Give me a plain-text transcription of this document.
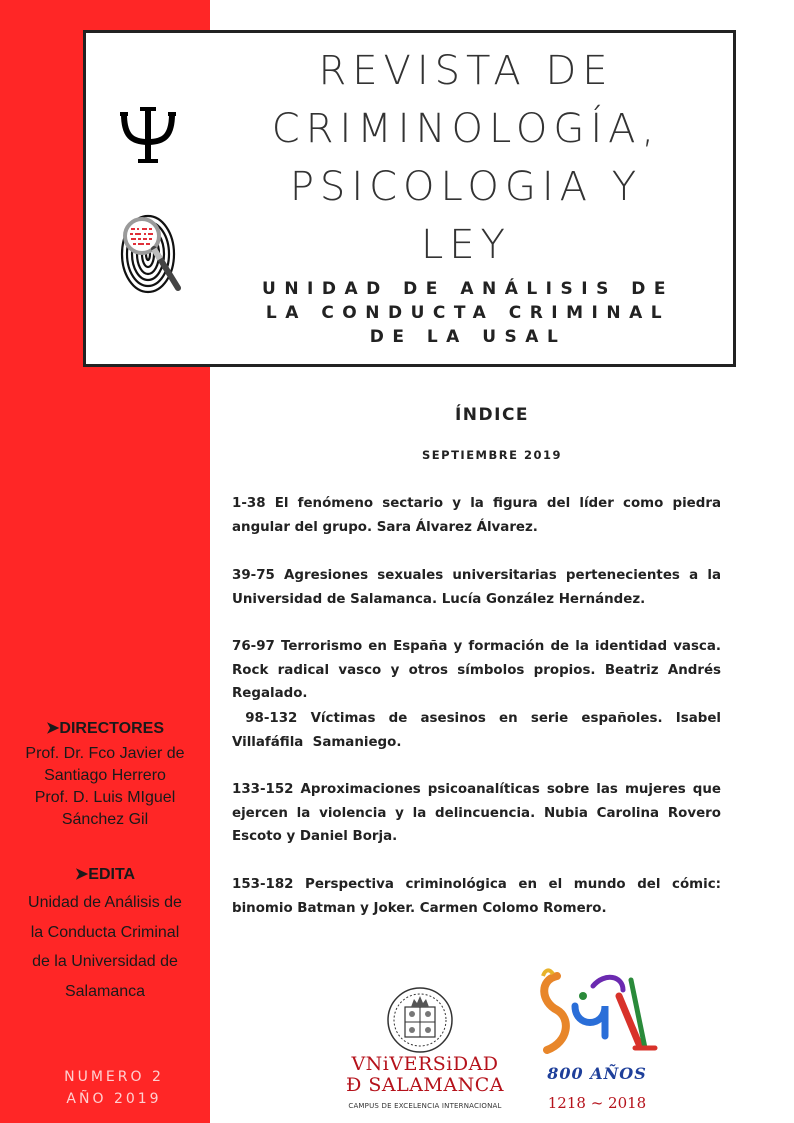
REVISTA DE
CRIMINOLOGÍA,
PSICOLOGIA Y
LEY
UNIDAD DE ANÁLISIS DE
LA CONDUCTA CRIMINAL
DE LA USAL
ÍNDICE
SEPTIEMBRE 2019
1-38 El fenómeno sectario y la figura del líder como piedra angular del grupo. Sara Álvarez Álvarez.
39-75 Agresiones sexuales universitarias pertenecientes a la Universidad de Salamanca. Lucía González Hernández.
76-97 Terrorismo en España y formación de la identidad vasca. Rock radical vasco y otros símbolos propios. Beatriz Andrés Regalado.
98-132 Víctimas de asesinos en serie españoles. Isabel Villafáfila  Samaniego.
133-152 Aproximaciones psicoanalíticas sobre las mujeres que ejercen la violencia y la delincuencia. Nubia Carolina Rovero Escoto y Daniel Borja.
153-182 Perspectiva criminológica en el mundo del cómic: binomio Batman y Joker. Carmen Colomo Romero.
➤DIRECTORES
Prof. Dr. Fco Javier de
Santiago Herrero
Prof. D. Luis MIguel
Sánchez Gil
➤EDITA
Unidad de Análisis de
la Conducta Criminal
de la Universidad de
Salamanca
NUMERO 2
AÑO 2019
VNiVERSiDAD
Ð SALAMANCA
CAMPUS DE EXCELENCIA INTERNACIONAL
800 AÑOS
1218 ~ 2018
